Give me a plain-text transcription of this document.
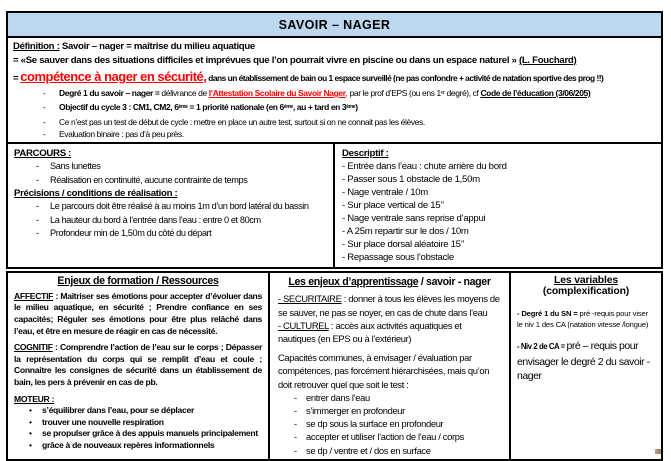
SAVOIR – NAGER
Définition : Savoir – nager = maîtrise du milieu aquatique
= «Se sauver dans des situations difficiles et imprévues que l’on pourrait vivre en piscine ou dans un espace naturel » (L. Fouchard)
= compétence à nager en sécurité, dans un établissement de bain ou 1 espace surveillé (ne pas confondre + activité de natation sportive des prog !!)
- Degré 1 du savoir – nager = délivrance de l’Attestation Scolaire du Savoir Nager, par le prof d’EPS (ou ens 1er degré), cf Code de l’éducation (3/06/205)
- Objectif du cycle 3 : CM1, CM2, 6ème = 1 priorité nationale (en 6ème, au + tard en 3ème)
- Ce n’est pas un test de début de cycle : mettre en place un autre test, surtout si on ne connait pas les élèves.
- Evaluation binaire : pas d’à peu près.
PARCOURS :
- Sans lunettes
- Réalisation en continuité, aucune contrainte de temps
Précisions / conditions de réalisation :
- Le parcours doit être réalisé à au moins 1m d’un bord latéral du bassin
- La hauteur du bord à l’entrée dans l’eau : entre 0 et 80cm
- Profondeur min de 1,50m du côté du départ
Descriptif :
- Entrée dans l’eau : chute arrière du bord
- Passer sous 1 obstacle de 1,50m
- Nage ventrale / 10m
- Sur place vertical de 15’’
- Nage ventrale sans reprise d’appui
- A 25m repartir sur le dos / 10m
- Sur place dorsal aléatoire 15’’
- Repassage sous l’obstacle
Enjeux de formation / Ressources
AFFECTIF : Maîtriser ses émotions pour accepter d’évoluer dans le milieu aquatique, en sécurité ; Prendre confiance en ses capacités; Réguler ses émotions pour être plus relâché dans l’eau, et être en mesure de réagir en cas de nécessité.
COGNITIF : Comprendre l’action de l’eau sur le corps ; Dépasser la représentation du corps qui se remplit d’eau et coule ; Connaitre les consignes de sécurité dans un établissement de bain, les pers à prévenir en cas de pb.
MOTEUR :
• s’équilibrer dans l’eau, pour se déplacer
• trouver une nouvelle respiration
• se propulser grâce à des appuis manuels principalement
• grâce à de nouveaux repères informationnels
Les enjeux d’apprentissage / savoir - nager
- SECURITAIRE : donner à tous les élèves les moyens de se sauver, ne pas se noyer, en cas de chute dans l’eau
- CULTUREL : accès aux activités aquatiques et nautiques (en EPS ou à l’extérieur)
Capacités communes, à envisager / évaluation par compétences, pas forcément hiérarchisées, mais qu’on doit retrouver quel que soit le test :
- entrer dans l’eau
- s’immerger en profondeur
- se dp sous la surface en profondeur
- accepter et utiliser l’action de l’eau / corps
- se dp / ventre et / dos en surface
Les variables (complexification)
- Degré 1 du SN = pré -requis pour viser le niv 1 des CA (natation vitesse /longue)
- Niv 2 de CA = pré – requis pour envisager le degré 2 du savoir - nager
